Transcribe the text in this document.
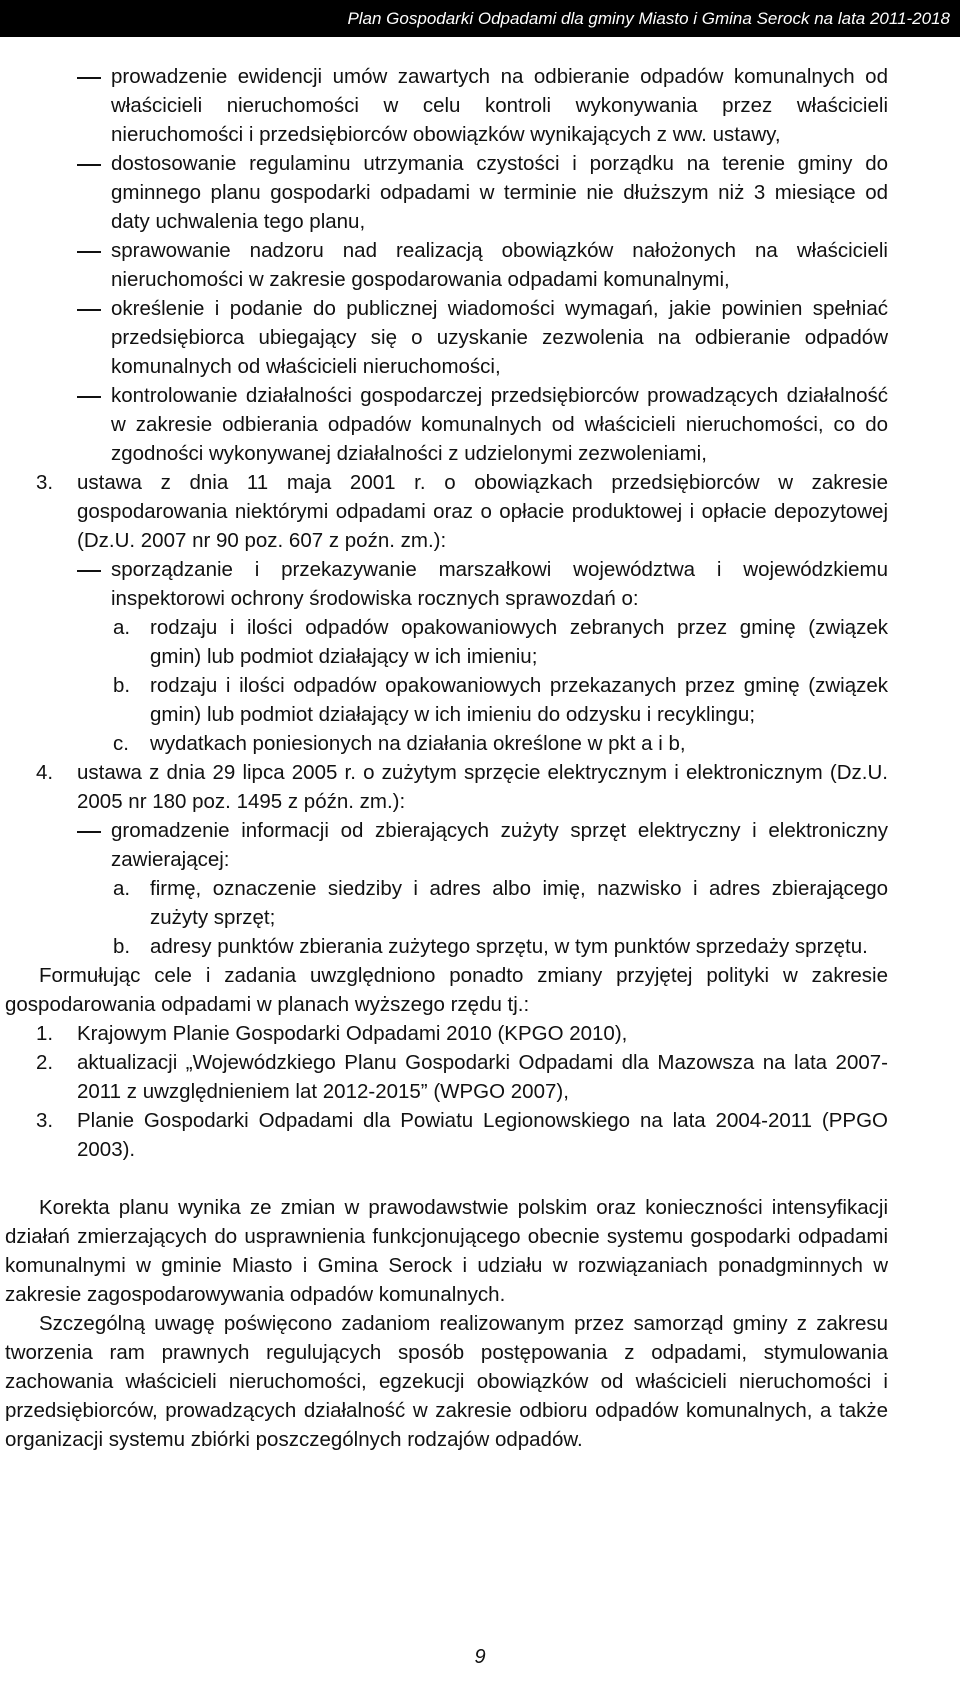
Plan Gospodarki Odpadami dla gminy Miasto i Gmina Serock na lata 2011-2018
prowadzenie ewidencji umów zawartych na odbieranie odpadów komunalnych od właścicieli nieruchomości w celu kontroli wykonywania przez właścicieli nieruchomości i przedsiębiorców obowiązków wynikających z ww. ustawy,
dostosowanie regulaminu utrzymania czystości i porządku na terenie gminy do gminnego planu gospodarki odpadami w terminie nie dłuższym niż 3 miesiące od daty uchwalenia tego planu,
sprawowanie nadzoru nad realizacją obowiązków nałożonych na właścicieli nieruchomości w zakresie gospodarowania odpadami komunalnymi,
określenie i podanie do publicznej wiadomości wymagań, jakie powinien spełniać przedsiębiorca ubiegający się o uzyskanie zezwolenia na odbieranie odpadów komunalnych od właścicieli nieruchomości,
kontrolowanie działalności gospodarczej przedsiębiorców prowadzących działalność w zakresie odbierania odpadów komunalnych od właścicieli nieruchomości, co do zgodności wykonywanej działalności z udzielonymi zezwoleniami,
3. ustawa z dnia 11 maja 2001 r. o obowiązkach przedsiębiorców w zakresie gospodarowania niektórymi odpadami oraz o opłacie produktowej i opłacie depozytowej (Dz.U. 2007 nr 90 poz. 607 z poźn. zm.):
sporządzanie i przekazywanie marszałkowi województwa i wojewódzkiemu inspektorowi ochrony środowiska rocznych sprawozdań o:
a. rodzaju i ilości odpadów opakowaniowych zebranych przez gminę (związek gmin) lub podmiot działający w ich imieniu;
b. rodzaju i ilości odpadów opakowaniowych przekazanych przez gminę (związek gmin) lub podmiot działający w ich imieniu do odzysku i recyklingu;
c. wydatkach poniesionych na działania określone w pkt a i b,
4. ustawa z dnia 29 lipca 2005 r. o zużytym sprzęcie elektrycznym i elektronicznym (Dz.U. 2005 nr 180 poz. 1495 z późn. zm.):
gromadzenie informacji od zbierających zużyty sprzęt elektryczny i elektroniczny zawierającej:
a. firmę, oznaczenie siedziby i adres albo imię, nazwisko i adres zbierającego zużyty sprzęt;
b. adresy punktów zbierania zużytego sprzętu, w tym punktów sprzedaży sprzętu.
Formułując cele i zadania uwzględniono ponadto zmiany przyjętej polityki w zakresie gospodarowania odpadami w planach wyższego rzędu tj.:
1. Krajowym Planie Gospodarki Odpadami 2010 (KPGO 2010),
2. aktualizacji „Wojewódzkiego Planu Gospodarki Odpadami dla Mazowsza na lata 2007- 2011 z uwzględnieniem lat 2012-2015” (WPGO 2007),
3. Planie Gospodarki Odpadami dla Powiatu Legionowskiego na lata 2004-2011 (PPGO 2003).
Korekta planu wynika ze zmian w prawodawstwie polskim oraz konieczności intensyfikacji działań zmierzających do usprawnienia funkcjonującego obecnie systemu gospodarki odpadami komunalnymi w gminie Miasto i Gmina Serock i udziału w rozwiązaniach ponadgminnych w zakresie zagospodarowywania odpadów komunalnych.
Szczególną uwagę poświęcono zadaniom realizowanym przez samorząd gminy z zakresu tworzenia ram prawnych regulujących sposób postępowania z odpadami, stymulowania zachowania właścicieli nieruchomości, egzekucji obowiązków od właścicieli nieruchomości i przedsiębiorców, prowadzących działalność w zakresie odbioru odpadów komunalnych, a także organizacji systemu zbiórki poszczególnych rodzajów odpadów.
9
